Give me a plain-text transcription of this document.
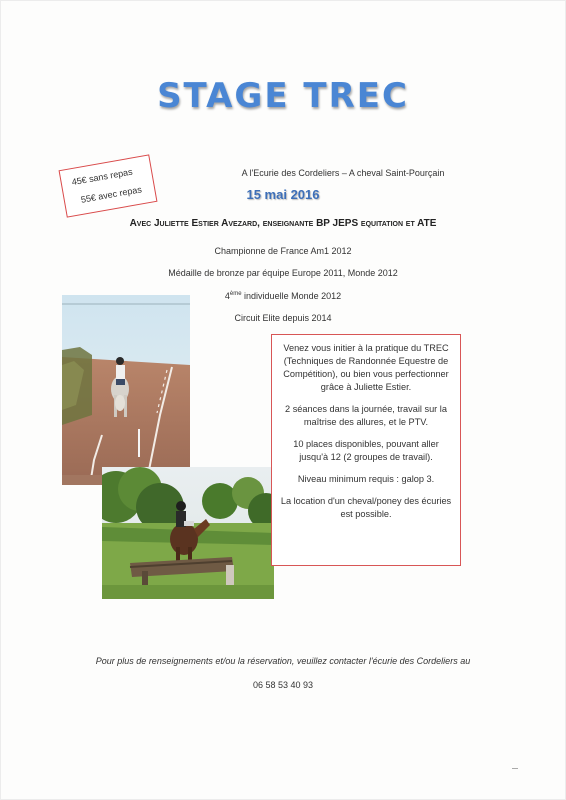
STAGE TREC
45€ sans repas
55€ avec repas
A l'Ecurie des Cordeliers – A cheval Saint-Pourçain
15 mai 2016
Avec Juliette Estier Avezard, enseignante BP JEPS equitation et ATE
Championne de France Am1 2012
Médaille de bronze par équipe Europe 2011, Monde 2012
4ème individuelle Monde 2012
Circuit Elite depuis 2014

Venez vous initier à la pratique du TREC (Techniques de Randonnée Equestre de Compétition), ou bien vous perfectionner grâce à Juliette Estier.

2 séances dans la journée, travail sur la maîtrise des allures, et le PTV.

10 places disponibles, pouvant aller jusqu'à 12 (2 groupes de travail).

Niveau minimum requis : galop 3.

La location d'un cheval/poney des écuries est possible.

Pour plus de renseignements et/ou la réservation, veuillez contacter l'écurie des Cordeliers au
06 58 53 40 93
